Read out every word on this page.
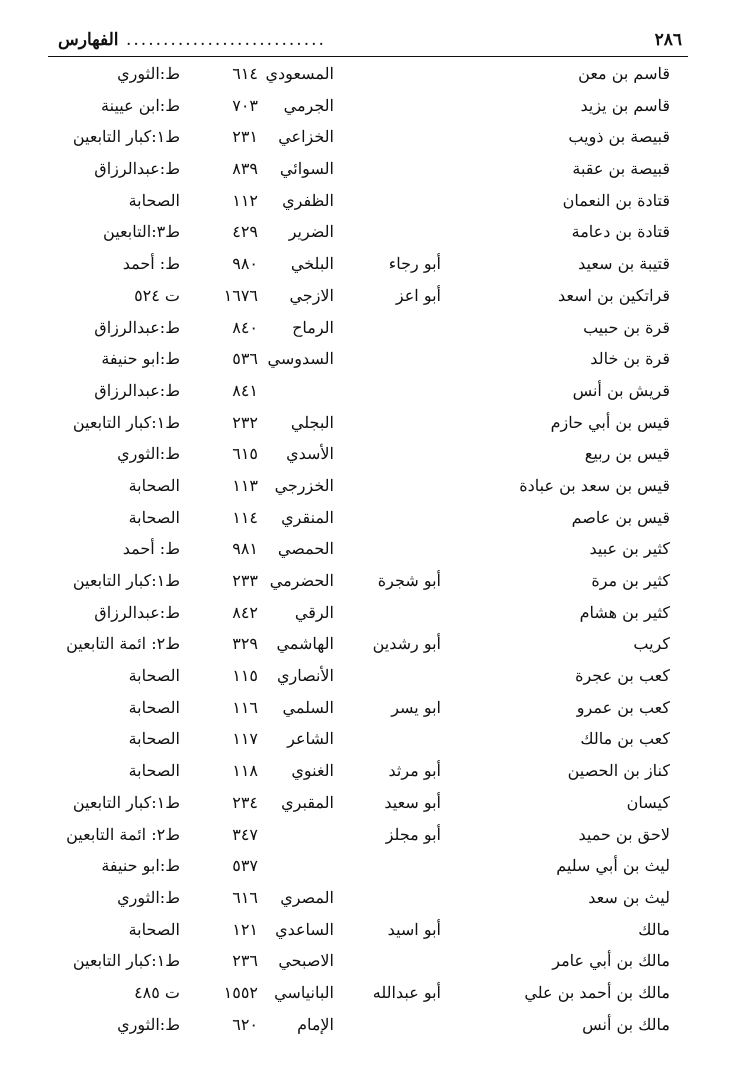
الفهارس ...........................	٢٨٦
قاسم بن معن
المسعودي
٦١٤
ط:الثوري
قاسم بن يزيد
الجرمي
٧٠٣
ط:ابن عيينة
قبيصة بن ذويب
الخزاعي
٢٣١
ط١:كبار التابعين
قبيصة بن عقبة
السوائي
٨٣٩
ط:عبدالرزاق
قتادة بن النعمان
الظفري
١١٢
الصحابة
قتادة بن دعامة
الضرير
٤٢٩
ط٣:التابعين
قتيبة بن سعيد
أبو رجاء
البلخي
٩٨٠
ط: أحمد
قراتكين بن اسعد
أبو اعز
الازجي
١٦٧٦
ت ٥٢٤
قرة بن حبيب
الرماح
٨٤٠
ط:عبدالرزاق
قرة بن خالد
السدوسي
٥٣٦
ط:ابو حنيفة
قريش بن أنس
٨٤١
ط:عبدالرزاق
قيس بن أبي حازم
البجلي
٢٣٢
ط١:كبار التابعين
قيس بن ربيع
الأسدي
٦١٥
ط:الثوري
قيس بن سعد بن عبادة
الخزرجي
١١٣
الصحابة
قيس بن عاصم
المنقري
١١٤
الصحابة
كثير بن عبيد
الحمصي
٩٨١
ط: أحمد
كثير بن مرة
أبو شجرة
الحضرمي
٢٣٣
ط١:كبار التابعين
كثير بن هشام
الرقي
٨٤٢
ط:عبدالرزاق
كريب
أبو رشدين
الهاشمي
٣٢٩
ط٢: ائمة التابعين
كعب بن عجرة
الأنصاري
١١٥
الصحابة
كعب بن عمرو
ابو يسر
السلمي
١١٦
الصحابة
كعب بن مالك
الشاعر
١١٧
الصحابة
كناز بن الحصين
أبو مرثد
الغنوي
١١٨
الصحابة
كيسان
أبو سعيد
المقبري
٢٣٤
ط١:كبار التابعين
لاحق بن حميد
أبو مجلز
٣٤٧
ط٢: ائمة التابعين
ليث بن أبي سليم
٥٣٧
ط:ابو حنيفة
ليث بن سعد
المصري
٦١٦
ط:الثوري
مالك
أبو اسيد
الساعدي
١٢١
الصحابة
مالك بن أبي عامر
الاصبحي
٢٣٦
ط١:كبار التابعين
مالك بن أحمد بن علي
أبو عبدالله
البانياسي
١٥٥٢
ت ٤٨٥
مالك بن أنس
الإمام
٦٢٠
ط:الثوري
